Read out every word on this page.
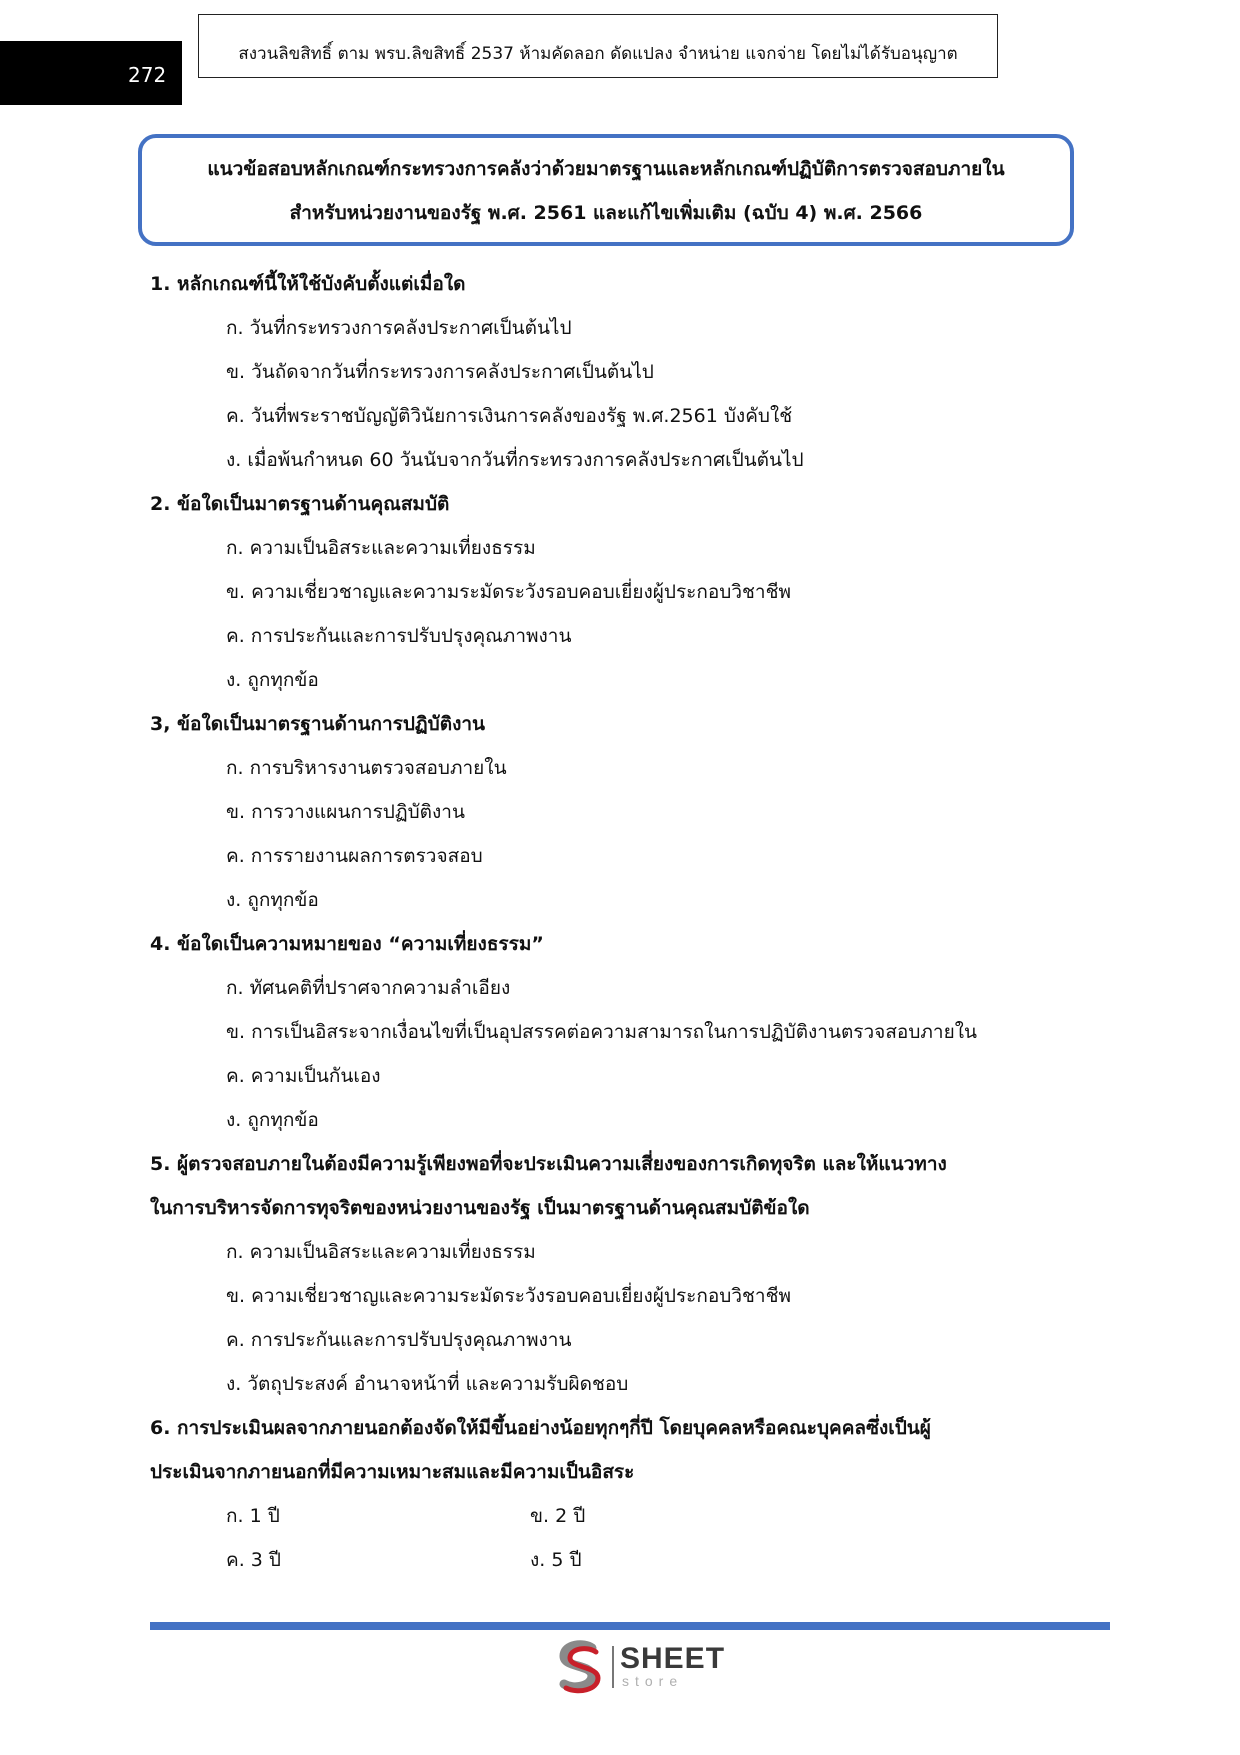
272
สงวนลิขสิทธิ์ ตาม พรบ.ลิขสิทธิ์ 2537 ห้ามคัดลอก ดัดแปลง จำหน่าย แจกจ่าย โดยไม่ได้รับอนุญาต
แนวข้อสอบหลักเกณฑ์กระทรวงการคลังว่าด้วยมาตรฐานและหลักเกณฑ์ปฏิบัติการตรวจสอบภายใน
สำหรับหน่วยงานของรัฐ พ.ศ. 2561 และแก้ไขเพิ่มเติม (ฉบับ 4) พ.ศ. 2566
1. หลักเกณฑ์นี้ให้ใช้บังคับตั้งแต่เมื่อใด
ก. วันที่กระทรวงการคลังประกาศเป็นต้นไป
ข. วันถัดจากวันที่กระทรวงการคลังประกาศเป็นต้นไป
ค. วันที่พระราชบัญญัติวินัยการเงินการคลังของรัฐ พ.ศ.2561 บังคับใช้
ง. เมื่อพ้นกำหนด 60 วันนับจากวันที่กระทรวงการคลังประกาศเป็นต้นไป
2. ข้อใดเป็นมาตรฐานด้านคุณสมบัติ
ก. ความเป็นอิสระและความเที่ยงธรรม
ข. ความเชี่ยวชาญและความระมัดระวังรอบคอบเยี่ยงผู้ประกอบวิชาชีพ
ค. การประกันและการปรับปรุงคุณภาพงาน
ง. ถูกทุกข้อ
3, ข้อใดเป็นมาตรฐานด้านการปฏิบัติงาน
ก. การบริหารงานตรวจสอบภายใน
ข. การวางแผนการปฏิบัติงาน
ค. การรายงานผลการตรวจสอบ
ง. ถูกทุกข้อ
4. ข้อใดเป็นความหมายของ “ความเที่ยงธรรม”
ก. ทัศนคติที่ปราศจากความลำเอียง
ข. การเป็นอิสระจากเงื่อนไขที่เป็นอุปสรรคต่อความสามารถในการปฏิบัติงานตรวจสอบภายใน
ค. ความเป็นกันเอง
ง. ถูกทุกข้อ
5. ผู้ตรวจสอบภายในต้องมีความรู้เพียงพอที่จะประเมินความเสี่ยงของการเกิดทุจริต และให้แนวทาง
ในการบริหารจัดการทุจริตของหน่วยงานของรัฐ เป็นมาตรฐานด้านคุณสมบัติข้อใด
ก. ความเป็นอิสระและความเที่ยงธรรม
ข. ความเชี่ยวชาญและความระมัดระวังรอบคอบเยี่ยงผู้ประกอบวิชาชีพ
ค. การประกันและการปรับปรุงคุณภาพงาน
ง. วัตถุประสงค์ อำนาจหน้าที่ และความรับผิดชอบ
6. การประเมินผลจากภายนอกต้องจัดให้มีขึ้นอย่างน้อยทุกๆกี่ปี โดยบุคคลหรือคณะบุคคลซึ่งเป็นผู้
ประเมินจากภายนอกที่มีความเหมาะสมและมีความเป็นอิสระ
ก. 1 ปี	ข. 2 ปี
ค. 3 ปี	ง. 5 ปี
SHEET
store
